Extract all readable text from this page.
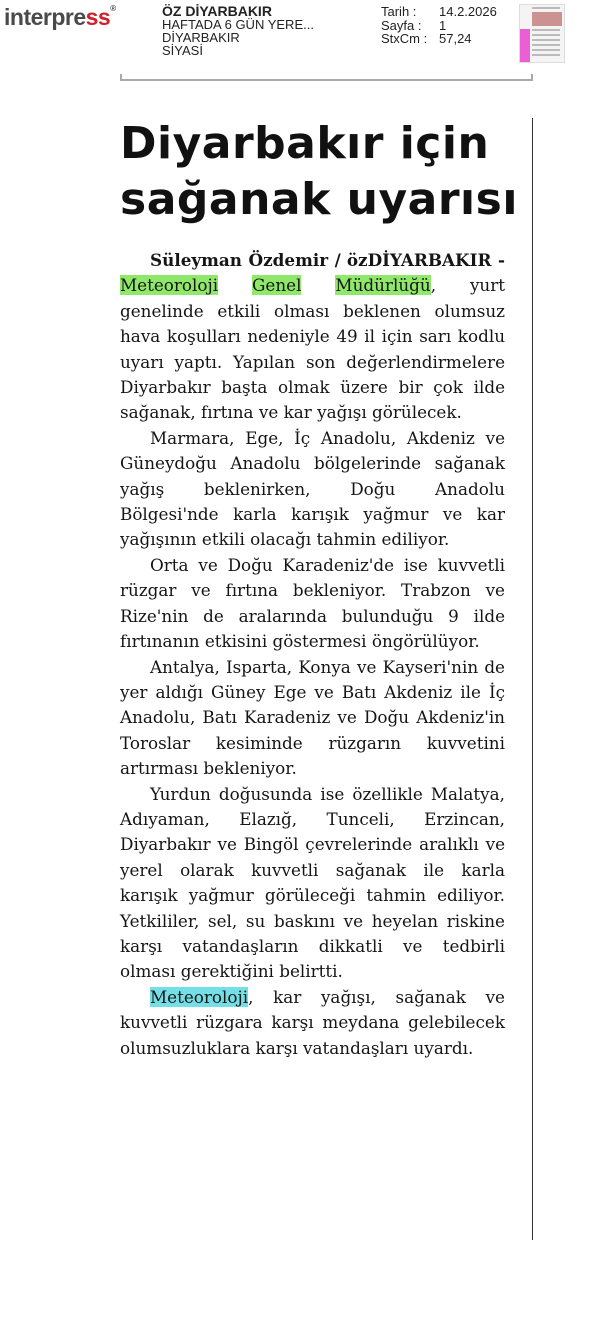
interpress®	ÖZ DİYARBAKIR
HAFTADA 6 GÜN YERE...
DİYARBAKIR
SİYASİ
Tarih :	14.2.2026
Sayfa :	1
StxCm : 57,24
Diyarbakır için sağanak uyarısı

Süleyman Özdemir / özDİYARBAKIR - Meteoroloji Genel Müdürlüğü, yurt genelinde etkili olması beklenen olumsuz hava koşulları nedeniyle 49 il için sarı kodlu uyarı yaptı. Yapılan son değerlendirmelere Diyarbakır başta olmak üzere bir çok ilde sağanak, fırtına ve kar yağışı görülecek.

Marmara, Ege, İç Anadolu, Akdeniz ve Güneydoğu Anadolu bölgelerinde sağanak yağış beklenirken, Doğu Anadolu Bölgesi'nde karla karışık yağmur ve kar yağışının etkili olacağı tahmin ediliyor.

Orta ve Doğu Karadeniz'de ise kuvvetli rüzgar ve fırtına bekleniyor. Trabzon ve Rize'nin de aralarında bulunduğu 9 ilde fırtınanın etkisini göstermesi öngörülüyor.

Antalya, Isparta, Konya ve Kayseri'nin de yer aldığı Güney Ege ve Batı Akdeniz ile İç Anadolu, Batı Karadeniz ve Doğu Akdeniz'in Toroslar kesiminde rüzgarın kuvvetini artırması bekleniyor.

Yurdun doğusunda ise özellikle Malatya, Adıyaman, Elazığ, Tunceli, Erzincan, Diyarbakır ve Bingöl çevrelerinde aralıklı ve yerel olarak kuvvetli sağanak ile karla karışık yağmur görüleceği tahmin ediliyor. Yetkililer, sel, su baskını ve heyelan riskine karşı vatandaşların dikkatli ve tedbirli olması gerektiğini belirtti.

Meteoroloji, kar yağışı, sağanak ve kuvvetli rüzgara karşı meydana gelebilecek olumsuzluklara karşı vatandaşları uyardı.
